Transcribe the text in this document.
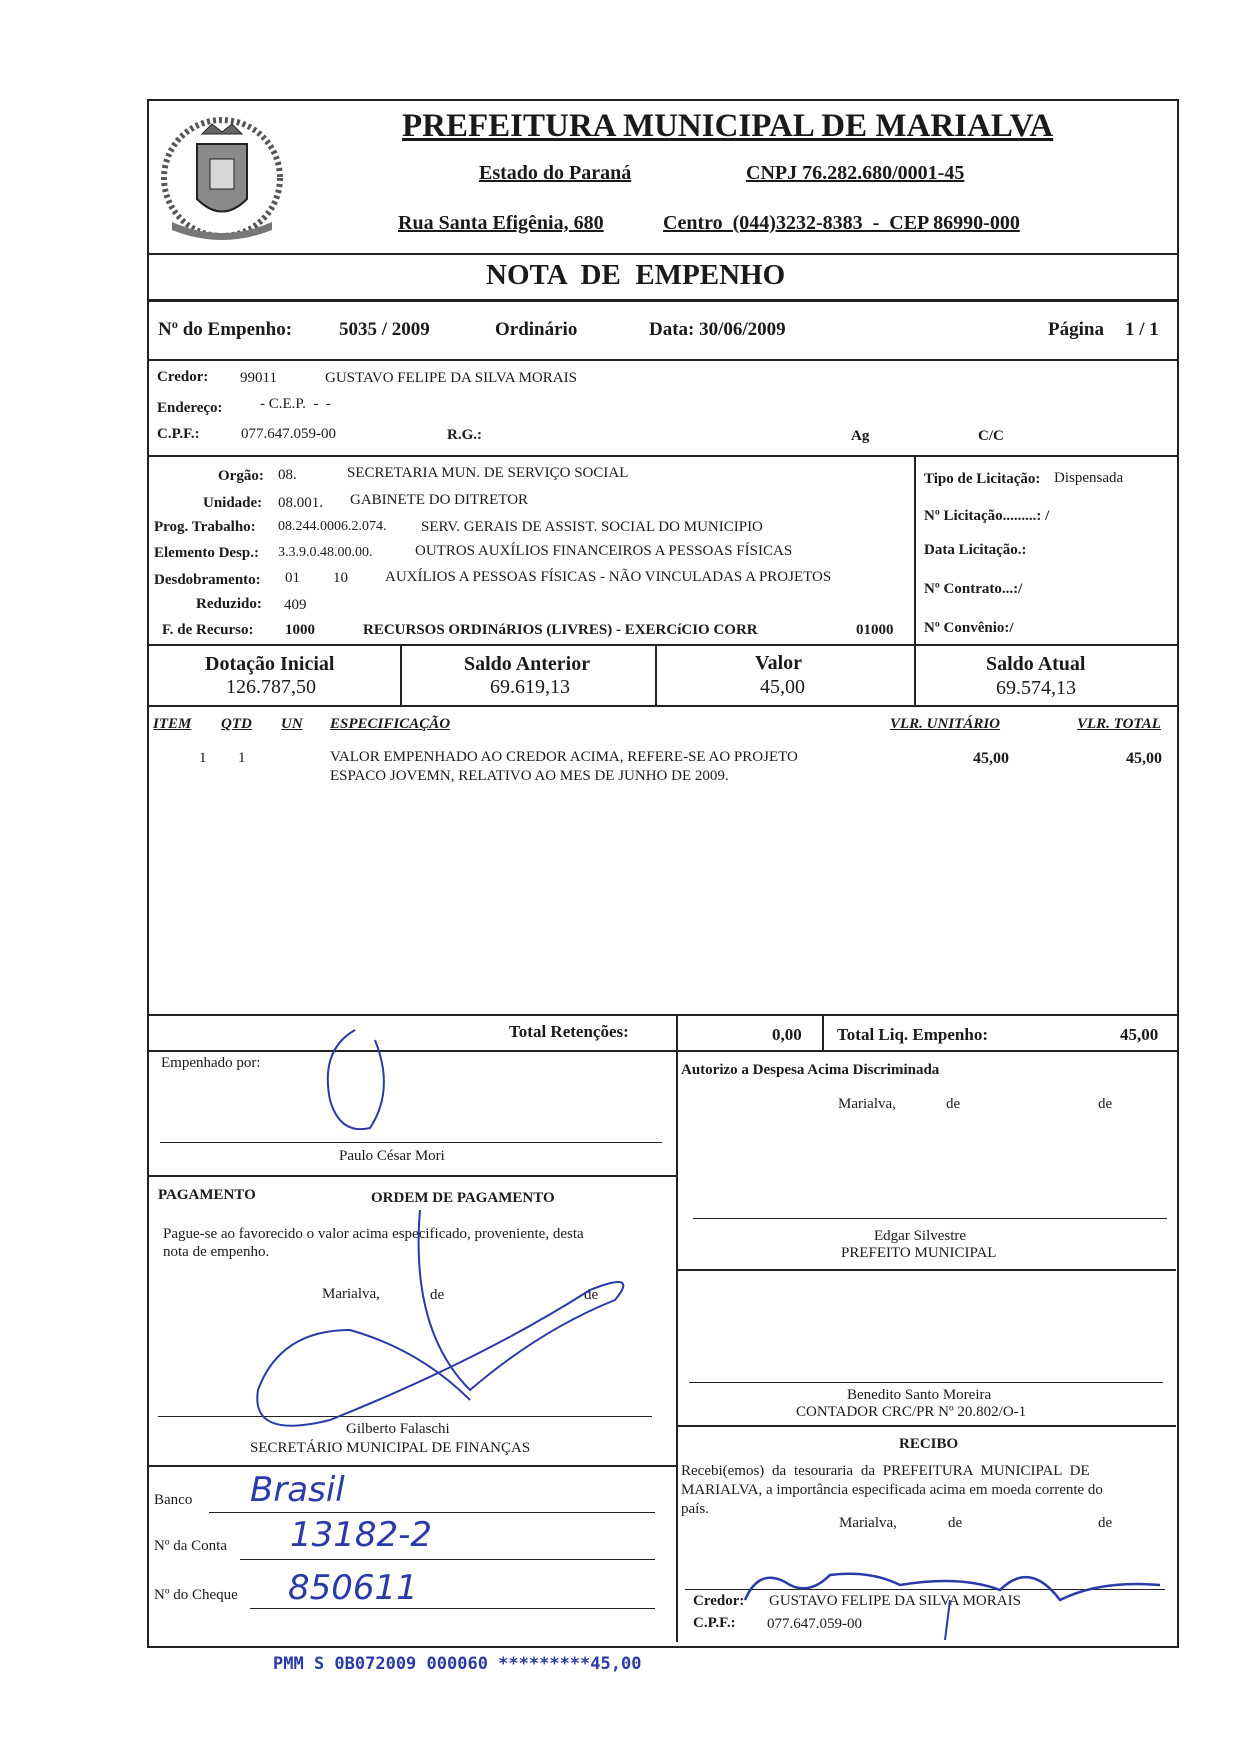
PREFEITURA MUNICIPAL DE MARIALVA
Estado do Paraná	CNPJ 76.282.680/0001-45
Rua Santa Efigênia, 680	Centro  (044)3232-8383  -  CEP 86990-000
NOTA  DE  EMPENHO
Nº do Empenho: 5035 / 2009	Ordinário	Data: 30/06/2009	Página 1 / 1
Credor: 99011	GUSTAVO FELIPE DA SILVA MORAIS
Endereço: - C.E.P.  -  -
C.P.F.:	077.647.059-00	R.G.:	Ag	C/C
Orgão: 08.	SECRETARIA MUN. DE SERVIÇO SOCIAL
Unidade: 08.001. GABINETE DO DITRETOR
Prog. Trabalho: 08.244.0006.2.074. SERV. GERAIS DE ASSIST. SOCIAL DO MUNICIPIO
Elemento Desp.: 3.3.9.0.48.00.00.	OUTROS AUXÍLIOS FINANCEIROS A PESSOAS FÍSICAS
Desdobramento: 01 10 AUXÍLIOS A PESSOAS FÍSICAS - NÃO VINCULADAS A PROJETOS
Reduzido: 409
F. de Recurso: 1000	RECURSOS ORDINáRIOS (LIVRES) - EXERCíCIO CORR	01000
Tipo de Licitação: Dispensada
Nº Licitação.........: /
Data Licitação.:
Nº Contrato...:/
Nº Convênio:/
Dotação Inicial
126.787,50
Saldo Anterior
69.619,13
Valor
45,00
Saldo Atual
69.574,13
ITEM QTD UN ESPECIFICAÇÃO	VLR. UNITÁRIO	VLR. TOTAL
1 1	VALOR EMPENHADO AO CREDOR ACIMA, REFERE-SE AO PROJETO
ESPACO JOVEMN, RELATIVO AO MES DE JUNHO DE 2009.
45,00	45,00
Total Retenções:	0,00 Total Liq. Empenho:	45,00
Empenhado por:
Paulo César Mori
Autorizo a Despesa Acima Discriminada
Marialva,	de	de
Edgar Silvestre
PREFEITO MUNICIPAL
PAGAMENTO	ORDEM DE PAGAMENTO
Pague-se ao favorecido o valor acima especificado, proveniente, desta
nota de empenho.
Marialva,	de	de
Gilberto Falaschi
SECRETÁRIO MUNICIPAL DE FINANÇAS
Benedito Santo Moreira
CONTADOR CRC/PR Nº 20.802/O-1
RECIBO
Recebi(emos) da tesouraria da PREFEITURA MUNICIPAL DE
MARIALVA, a importância especificada acima em moeda corrente do
país.
Marialva,	de	de
Credor: GUSTAVO FELIPE DA SILVA MORAIS
C.P.F.: 077.647.059-00
Banco Brasil
Nº da Conta 13182-2
Nº do Cheque 850611
PMM S 0B072009 000060 *********45,00
